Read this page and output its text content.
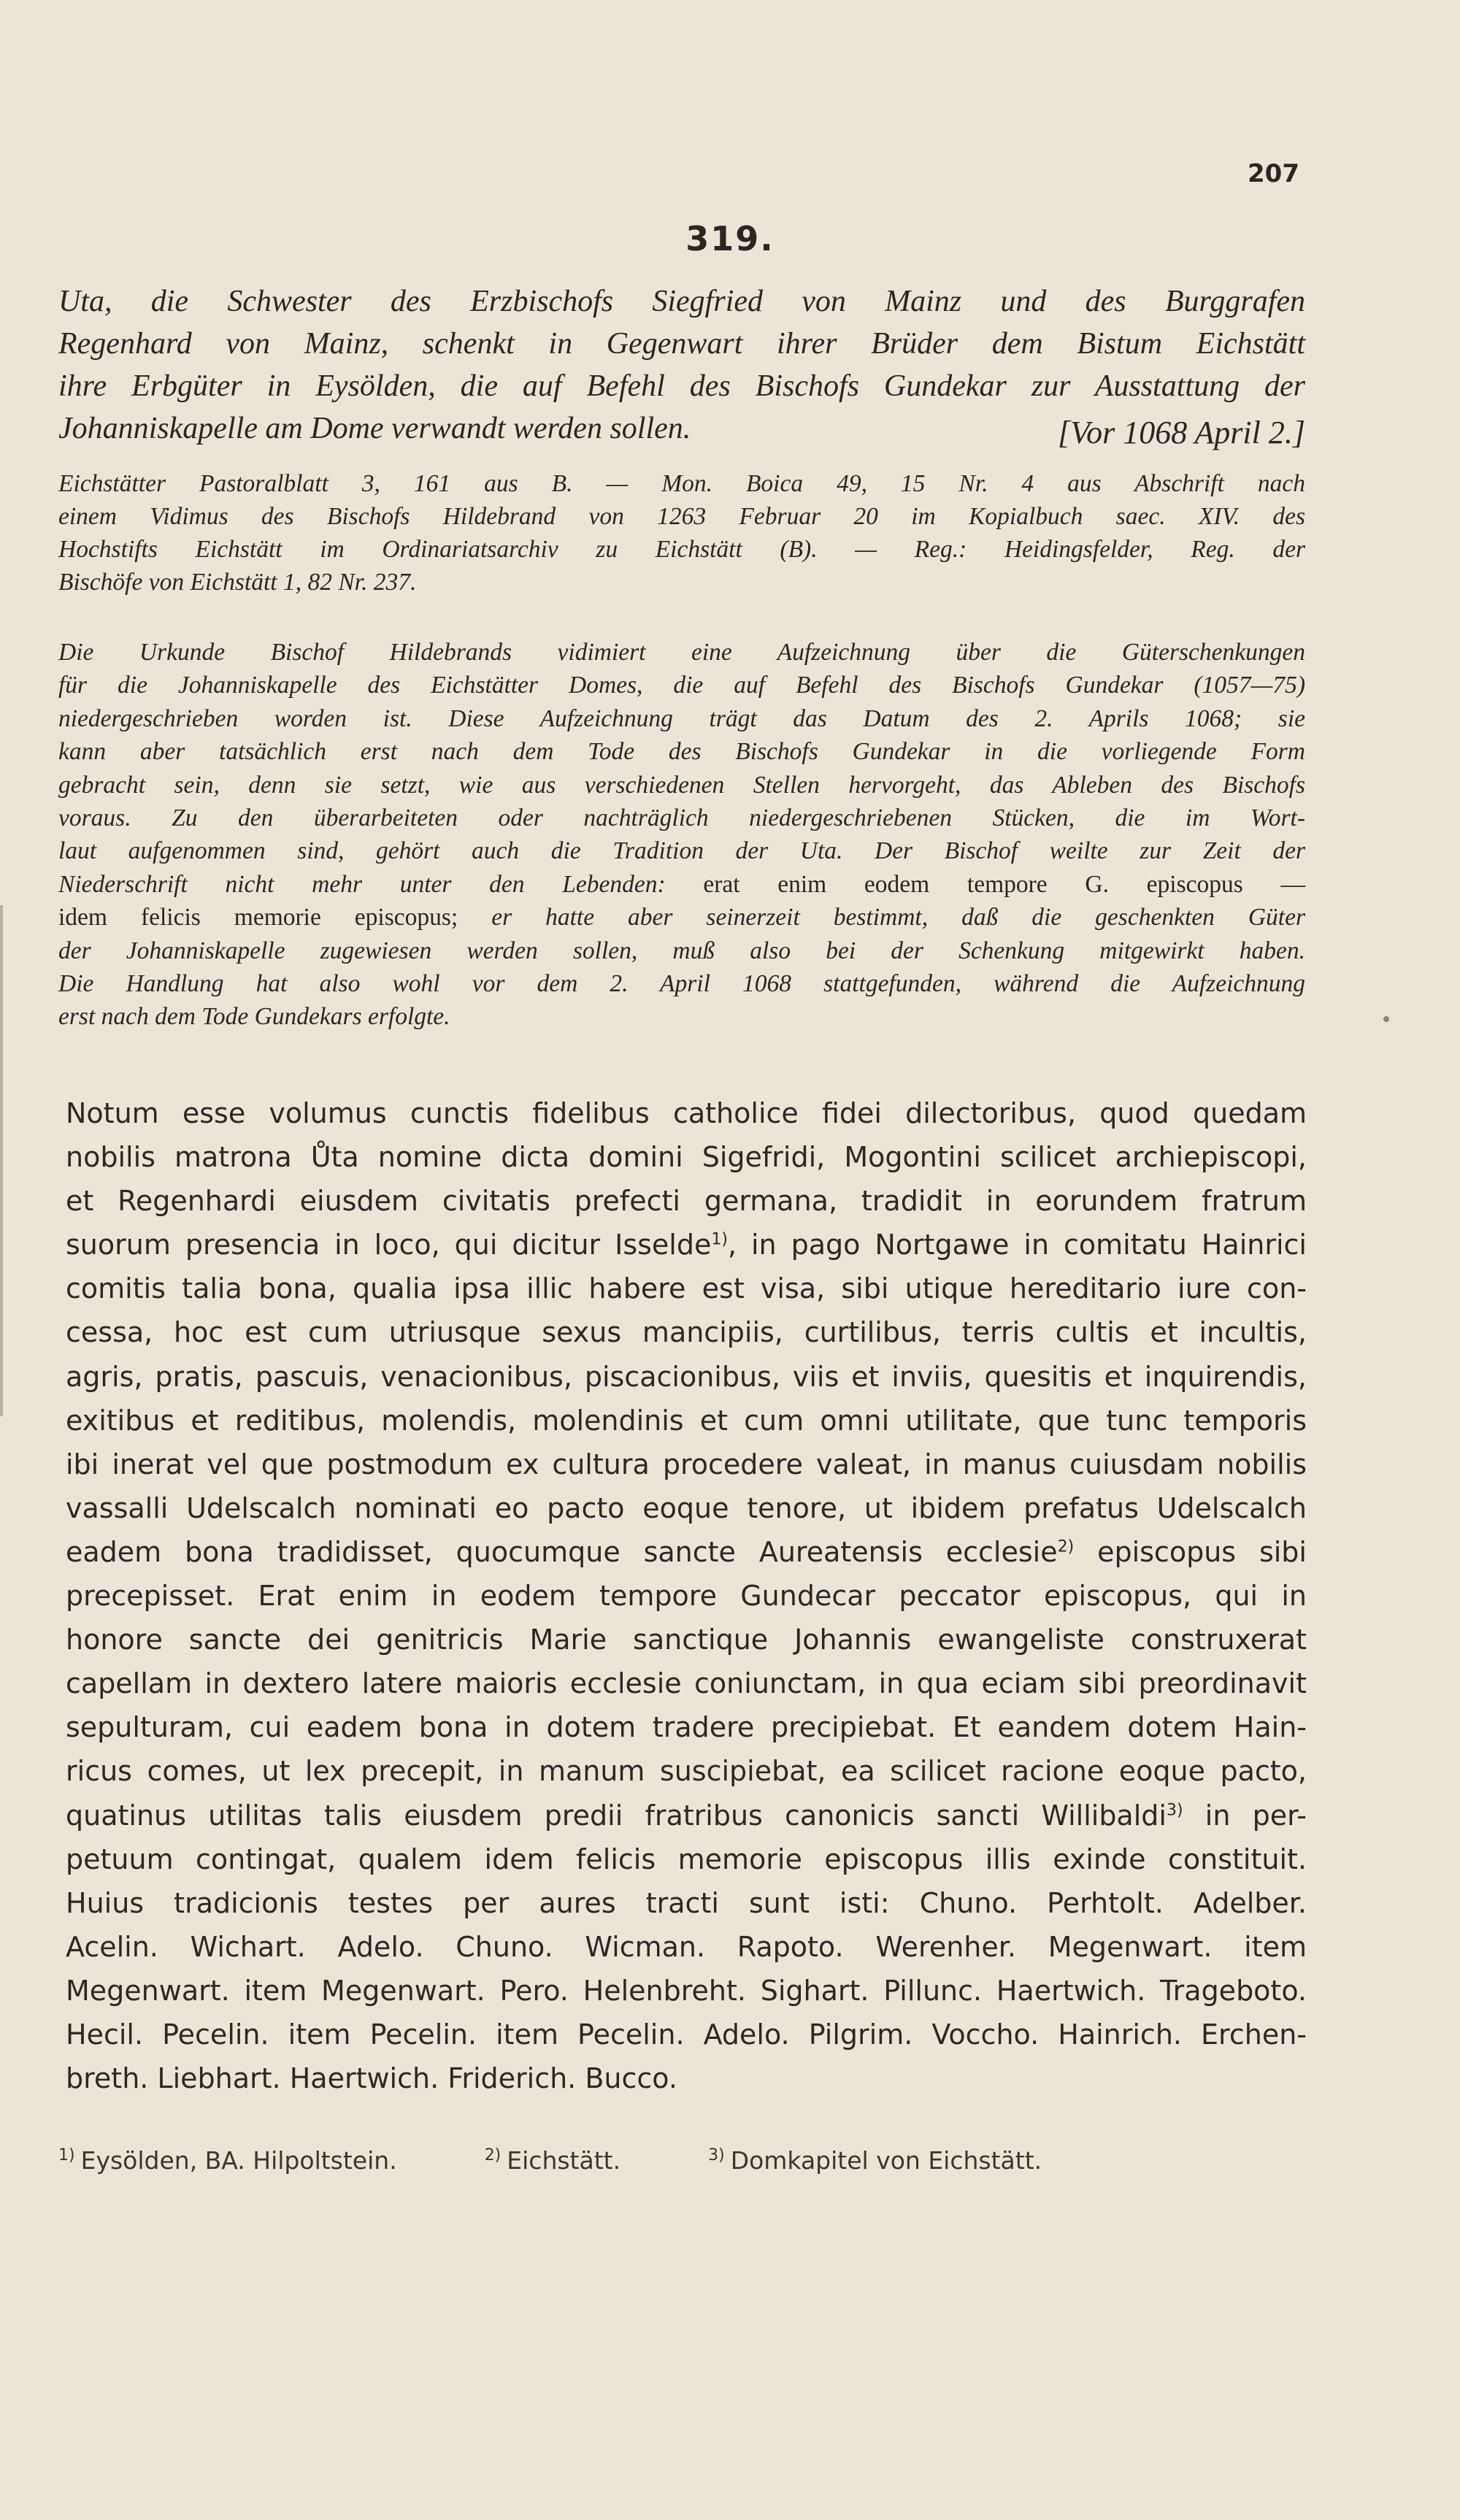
207
319.
Uta, die Schwester des Erzbischofs Siegfried von Mainz und des Burggrafen
Regenhard von Mainz, schenkt in Gegenwart ihrer Brüder dem Bistum Eichstätt
ihre Erbgüter in Eysölden, die auf Befehl des Bischofs Gundekar zur Ausstattung der
Johanniskapelle am Dome verwandt werden sollen.	[Vor 1068 April 2.]
Eichstätter Pastoralblatt 3, 161 aus B. — Mon. Boica 49, 15 Nr. 4 aus Abschrift nach
einem Vidimus des Bischofs Hildebrand von 1263 Februar 20 im Kopialbuch saec. XIV. des
Hochstifts Eichstätt im Ordinariatsarchiv zu Eichstätt (B). — Reg.: Heidingsfelder, Reg. der
Bischöfe von Eichstätt 1, 82 Nr. 237.
Die Urkunde Bischof Hildebrands vidimiert eine Aufzeichnung über die Güterschenkungen
für die Johanniskapelle des Eichstätter Domes, die auf Befehl des Bischofs Gundekar (1057—75)
niedergeschrieben worden ist. Diese Aufzeichnung trägt das Datum des 2. Aprils 1068; sie
kann aber tatsächlich erst nach dem Tode des Bischofs Gundekar in die vorliegende Form
gebracht sein, denn sie setzt, wie aus verschiedenen Stellen hervorgeht, das Ableben des Bischofs
voraus. Zu den überarbeiteten oder nachträglich niedergeschriebenen Stücken, die im Wort-
laut aufgenommen sind, gehört auch die Tradition der Uta. Der Bischof weilte zur Zeit der
Niederschrift nicht mehr unter den Lebenden: erat enim eodem tempore G. episcopus —
idem felicis memorie episcopus; er hatte aber seinerzeit bestimmt, daß die geschenkten Güter
der Johanniskapelle zugewiesen werden sollen, muß also bei der Schenkung mitgewirkt haben.
Die Handlung hat also wohl vor dem 2. April 1068 stattgefunden, während die Aufzeichnung
erst nach dem Tode Gundekars erfolgte.
Notum esse volumus cunctis fidelibus catholice fidei dilectoribus, quod quedam
nobilis matrona Ůta nomine dicta domini Sigefridi, Mogontini scilicet archiepiscopi,
et Regenhardi eiusdem civitatis prefecti germana, tradidit in eorundem fratrum
suorum presencia in loco, qui dicitur Isselde$^{1)}$, in pago Nortgawe in comitatu Hainrici
comitis talia bona, qualia ipsa illic habere est visa, sibi utique hereditario iure con-
cessa, hoc est cum utriusque sexus mancipiis, curtilibus, terris cultis et incultis,
agris, pratis, pascuis, venacionibus, piscacionibus, viis et inviis, quesitis et inquirendis,
exitibus et reditibus, molendis, molendinis et cum omni utilitate, que tunc temporis
ibi inerat vel que postmodum ex cultura procedere valeat, in manus cuiusdam nobilis
vassalli Udelscalch nominati eo pacto eoque tenore, ut ibidem prefatus Udelscalch
eadem bona tradidisset, quocumque sancte Aureatensis ecclesie$^{2)}$ episcopus sibi
precepisset. Erat enim in eodem tempore Gundecar peccator episcopus, qui in
honore sancte dei genitricis Marie sanctique Johannis ewangeliste construxerat
capellam in dextero latere maioris ecclesie coniunctam, in qua eciam sibi preordinavit
sepulturam, cui eadem bona in dotem tradere precipiebat. Et eandem dotem Hain-
ricus comes, ut lex precepit, in manum suscipiebat, ea scilicet racione eoque pacto,
quatinus utilitas talis eiusdem predii fratribus canonicis sancti Willibaldi$^{3)}$ in per-
petuum contingat, qualem idem felicis memorie episcopus illis exinde constituit.
Huius tradicionis testes per aures tracti sunt isti: Chuno. Perhtolt. Adelber.
Acelin. Wichart. Adelo. Chuno. Wicman. Rapoto. Werenher. Megenwart. item
Megenwart. item Megenwart. Pero. Helenbreht. Sighart. Pillunc. Haertwich. Trageboto.
Hecil. Pecelin. item Pecelin. item Pecelin. Adelo. Pilgrim. Voccho. Hainrich. Erchen-
breth. Liebhart. Haertwich. Friderich. Bucco.
$^{1)}$ Eysölden, BA. Hilpoltstein.	$^{2)}$ Eichstätt.	$^{3)}$ Domkapitel von Eichstätt.
